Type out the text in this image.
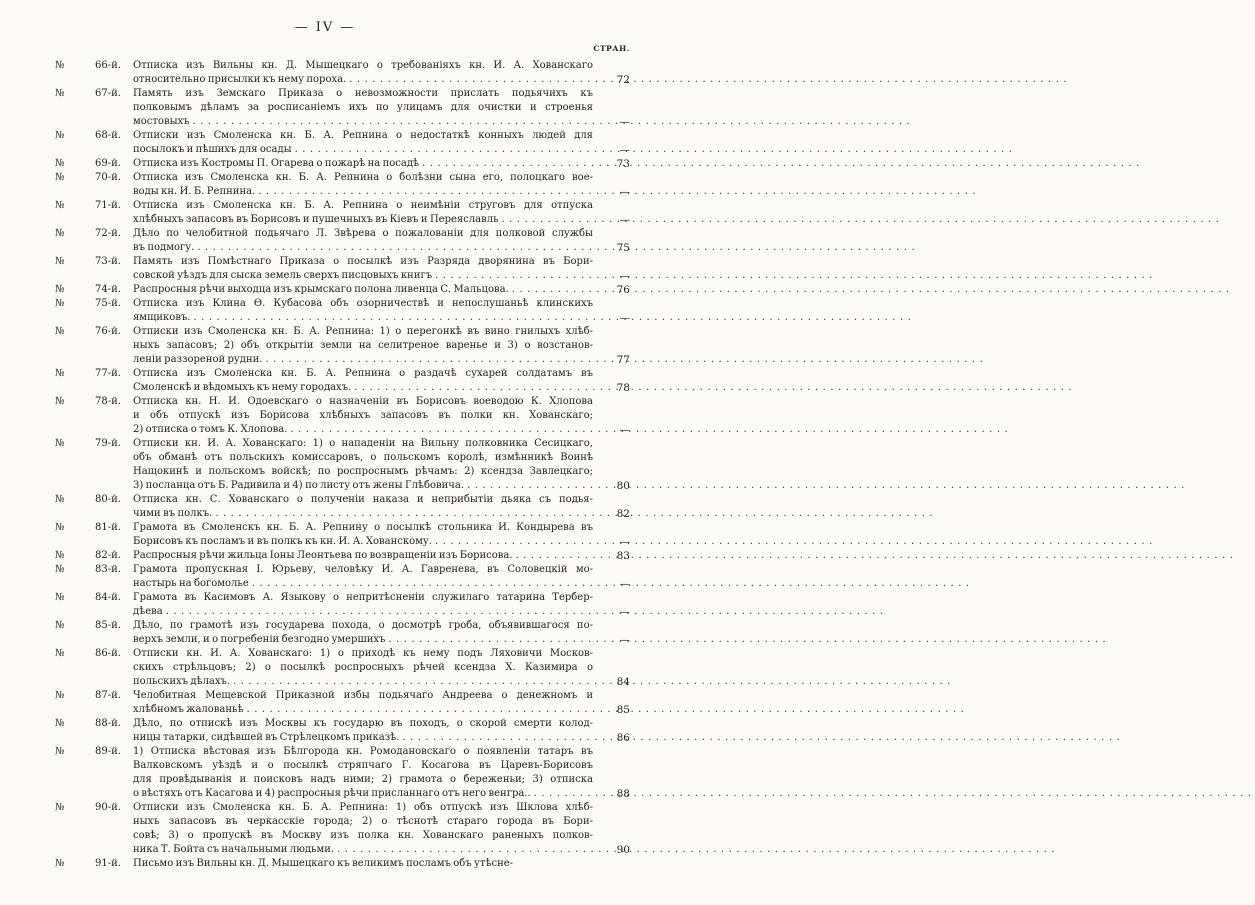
— IV —
СТРАН.
№	66-й. Отписка изъ Вильны кн. Д. Мышецкаго о требованіяхъ кн. И. А. Хованскаго
относительно присылки къ нему пороха. .....	72
№	67-й. Память изъ Земскаго Приказа о невозможности прислать подьячихъ къ
полковымъ дѣламъ за росписаніемъ ихъ по улицамъ для очистки и строенья
мостовыхъ .....	—
№	68-й. Отписки изъ Смоленска кн. Б. А. Репнина о недостаткѣ конныхъ людей для
посылокъ и пѣшихъ для осады .....	—
№	69-й.	Отписка изъ Костромы П. Огарева о пожарѣ на посадѣ .....	73
№	70-й. Отписка изъ Смоленска кн. Б. А. Репнина о болѣзни сына его, полоцкаго вое-
воды кн. И. Б. Репнина. .....	—
№	71-й. Отписка изъ Смоленска кн. Б. А. Репнина о неимѣніи струговъ для отпуска
хлѣбныхъ запасовъ въ Борисовъ и пушечныхъ въ Кіевъ и Переяславль .....	—
№	72-й. Дѣло по челобитной подьячаго Л. Звѣрева о пожалованіи для полковой службы
въ подмогу. .....	75
№	73-й. Память изъ Помѣстнаго Приказа о посылкѣ изъ Разряда дворянина въ Бори-
совской уѣздъ для сыска земель сверхъ писцовыхъ книгъ .....	—
№	74-й.	Распросныя рѣчи выходца изъ крымскаго полона ливенца С. Мальцова. .....	76
№	75-й. Отписка изъ Клина Ѳ. Кубасова объ озорничествѣ и непослушаньѣ клинскихъ
ямщиковъ. .....	—
№	76-й. Отписки изъ Смоленска кн. Б. А. Репнина: 1) о перегонкѣ въ вино гнилыхъ хлѣб-
ныхъ запасовъ; 2) объ открытіи земли на селитреное варенье и 3) о возстанов-
леніи раззореной рудни. .....	77
№	77-й. Отписка изъ Смоленска кн. Б. А. Репнина о раздачѣ сухарей солдатамъ въ
Смоленскѣ и вѣдомыхъ къ нему городахъ. .....	78
№	78-й. Отписка кн. Н. И. Одоевскаго о назначеніи въ Борисовъ воеводою К. Хлопова
и объ отпускѣ изъ Борисова хлѣбныхъ запасовъ въ полки кн. Хованскаго;
2) отписка о томъ К. Хлопова. .....	—
№	79-й. Отписки кн. И. А. Хованскаго: 1) о нападеніи на Вильну полковника Сесицкаго,
объ обманѣ отъ польскихъ комиссаровъ, о польскомъ королѣ, измѣнникѣ Воинѣ
Нащокинѣ и польскомъ войскѣ; по роспроснымъ рѣчамъ: 2) ксендза Завлецкаго;
3) посланца отъ Б. Радивила и 4) по листу отъ жены Глѣбовича. .....	80
№	80-й. Отписка кн. С. Хованскаго о полученіи наказа и неприбытіи дьяка съ подья-
чими въ полкъ. .....	82
№	81-й. Грамота въ Смоленскъ кн. Б. А. Репнину о посылкѣ стольника И. Кондырева въ
Борисовъ къ посламъ и въ полкъ къ кн. И. А. Хованскому. .....	—
№	82-й.	Распросныя рѣчи жильца Іоны Леонтьева по возвращеніи изъ Борисова. .....	83
№	83-й. Грамота пропускная І. Юрьеву, человѣку И. А. Гавренева, въ Соловецкій мо-
настырь на богомолье .....	—
№	84-й. Грамота въ Касимовъ А. Языкову о непритѣсненіи служилаго татарина Тербер-
дѣева .....	—
№	85-й. Дѣло, по грамотѣ изъ государева похода, о досмотрѣ гроба, объявившагося по-
верхъ земли, и о погребеніи безгодно умершихъ .....	—
№	86-й. Отписки кн. И. А. Хованскаго: 1) о приходѣ къ нему подъ Ляховичи Москов-
скихъ стрѣльцовъ; 2) о посылкѣ роспросныхъ рѣчей ксендза Х. Казимира о
польскихъ дѣлахъ. .....	84
№	87-й. Челобитная Мещевской Приказной избы подьячаго Андреева о денежномъ и
хлѣбномъ жалованьѣ .....	85
№	88-й. Дѣло, по отпискѣ изъ Москвы къ государю въ походъ, о скорой смерти колод-
ницы татарки, сидѣвшей въ Стрѣлецкомъ приказѣ. .....	86
№	89-й. 1) Отписка вѣстовая изъ Бѣлгорода кн. Ромодановскаго о появленіи татаръ въ
Валковскомъ уѣздѣ и о посылкѣ стряпчаго Г. Косагова въ Царевъ-Борисовъ
для провѣдыванія и поисковъ надъ ними; 2) грамота о береженьи; 3) отписка
о вѣстяхъ отъ Касагова и 4) распросныя рѣчи присланнаго отъ него венгра.. .....	88
№	90-й. Отписки изъ Смоленска кн. Б. А. Репнина: 1) объ отпускѣ изъ Шклова хлѣб-
ныхъ запасовъ въ черкасскіе города; 2) о тѣснотѣ стараго города въ Бори-
совѣ; 3) о пропускѣ въ Москву изъ полка кн. Хованскаго раненыхъ полков-
ника Т. Бойта съ начальными людьми. .....	90
№	91-й.	Письмо изъ Вильны кн. Д. Мышецкаго къ великимъ посламъ объ утѣсне-
